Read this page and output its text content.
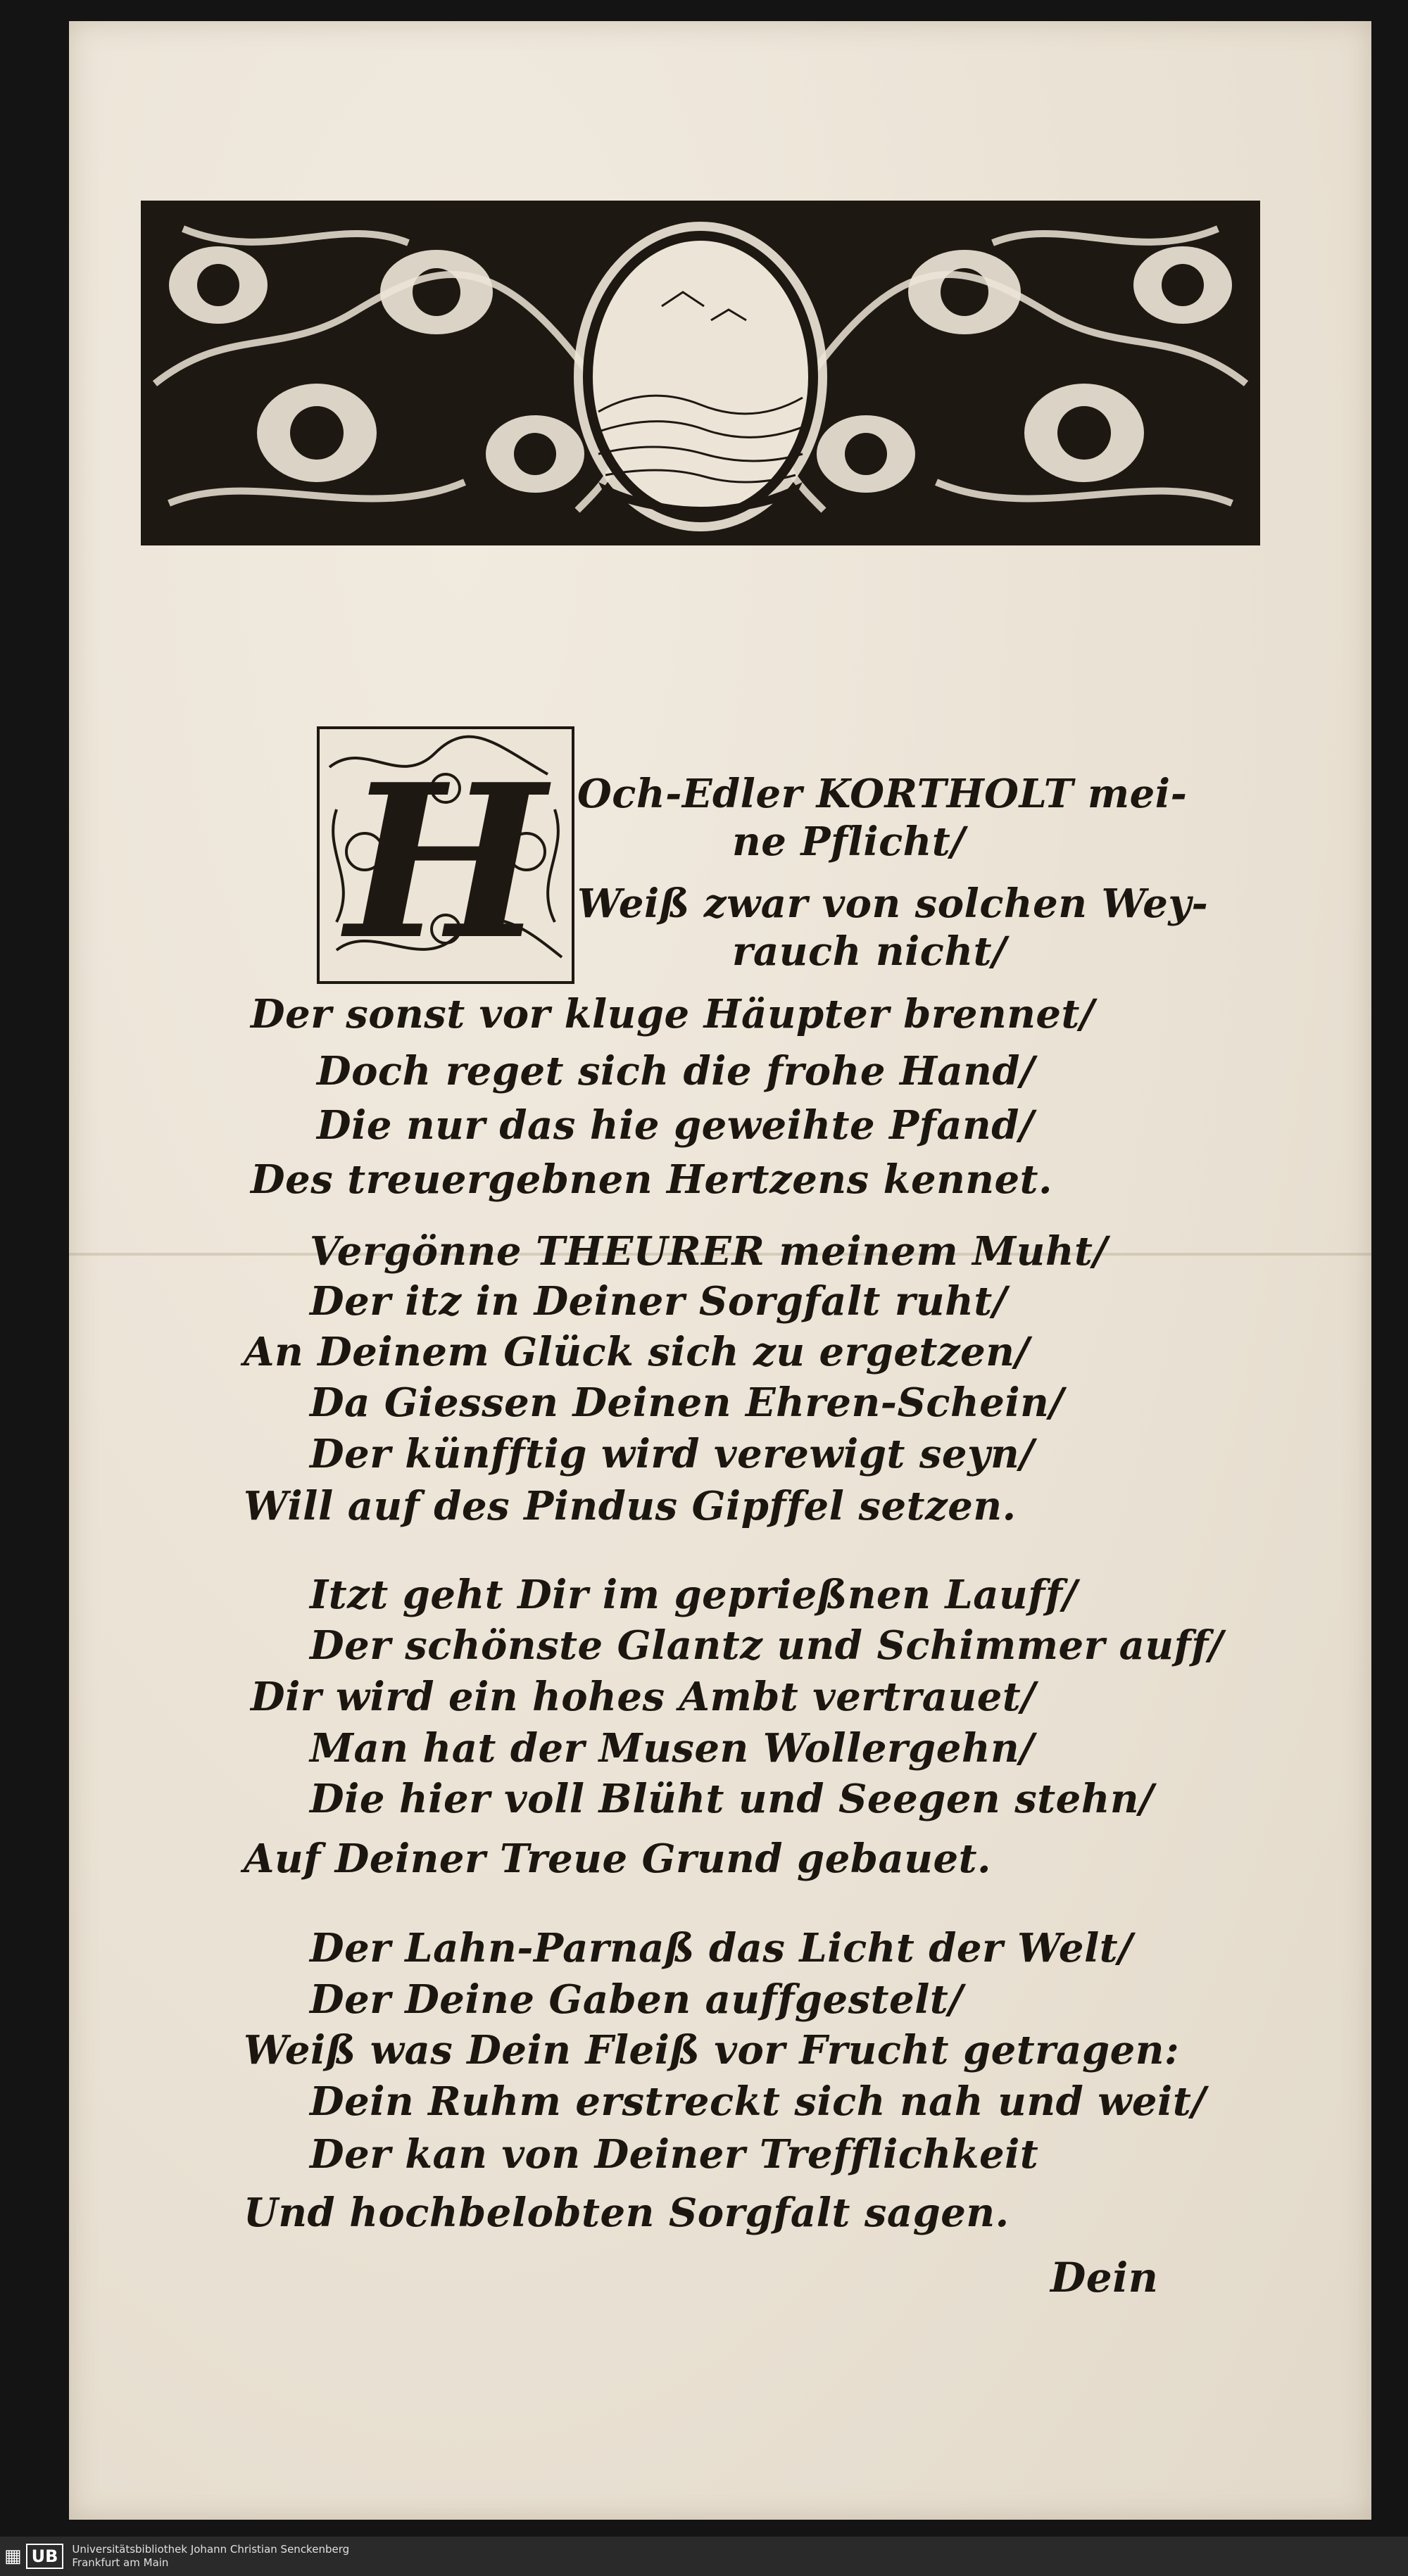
H Och-Edler KORTHOLT mei-
ne Pflicht/
Weiß zwar von solchen Wey-
rauch nicht/
Der sonst vor kluge Häupter brennet/
Doch reget sich die frohe Hand/
Die nur das hie geweihte Pfand/
Des treuergebnen Hertzens kennet.
Vergönne THEURER meinem Muht/
Der itz in Deiner Sorgfalt ruht/
An Deinem Glück sich zu ergetzen/
Da Giessen Deinen Ehren-Schein/
Der künfftig wird verewigt seyn/
Will auf des Pindus Gipffel setzen.
Itzt geht Dir im geprießnen Lauff/
Der schönste Glantz und Schimmer auff/
Dir wird ein hohes Ambt vertrauet/
Man hat der Musen Wollergehn/
Die hier voll Blüht und Seegen stehn/
Auf Deiner Treue Grund gebauet.
Der Lahn-Parnaß das Licht der Welt/
Der Deine Gaben auffgestelt/
Weiß was Dein Fleiß vor Frucht getragen:
Dein Ruhm erstreckt sich nah und weit/
Der kan von Deiner Trefflichkeit
Und hochbelobten Sorgfalt sagen.
Dein
▦ UB	Universitätsbibliothek Johann Christian Senckenberg
Frankfurt am Main
